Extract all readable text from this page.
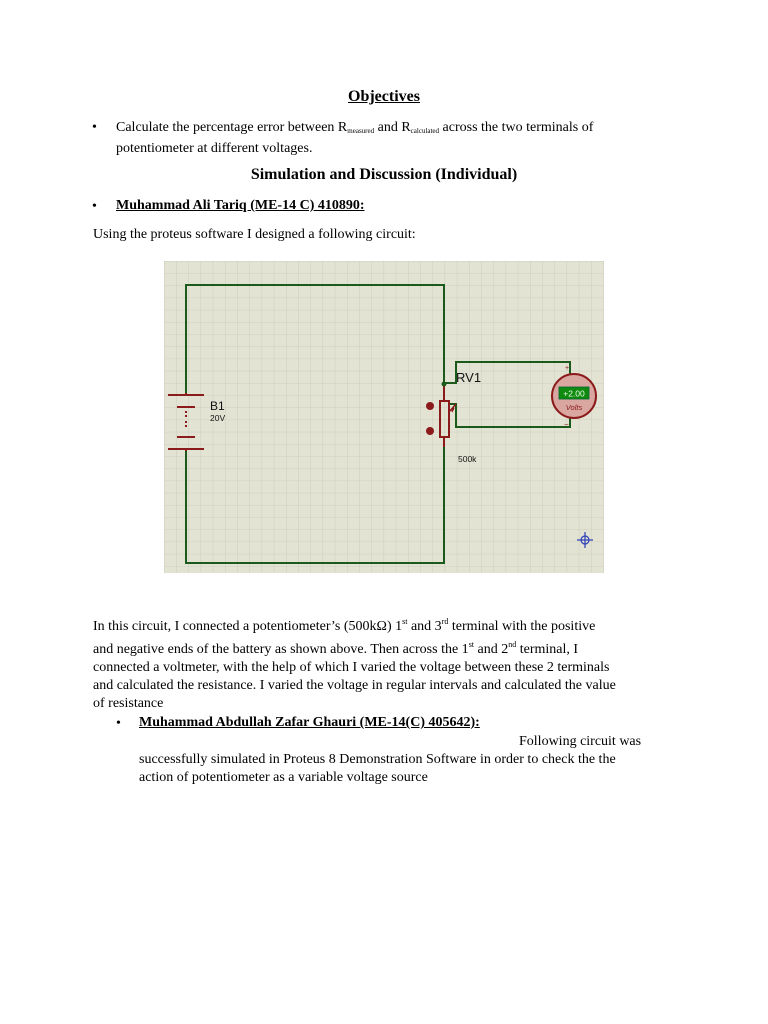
Objectives
• Calculate the percentage error between $R_{measured}$ and $R_{calculated}$ across the two terminals of
potentiometer at different voltages.
Simulation and Discussion (Individual)
• Muhammad Ali Tariq (ME-14 C) 410890:
Using the proteus software I designed a following circuit:
B1
20V
RV1
500k
+2.00
Volts
+
−
In this circuit, I connected a potentiometer’s (500kΩ) 1st and 3rd terminal with the positive
and negative ends of the battery as shown above. Then across the 1st and 2nd terminal, I
connected a voltmeter, with the help of which I varied the voltage between these 2 terminals
and calculated the resistance. I varied the voltage in regular intervals and calculated the value
of resistance
• Muhammad Abdullah Zafar Ghauri (ME-14(C) 405642):
Following circuit was
successfully simulated in Proteus 8 Demonstration Software in order to check the the
action of potentiometer as a variable voltage source
